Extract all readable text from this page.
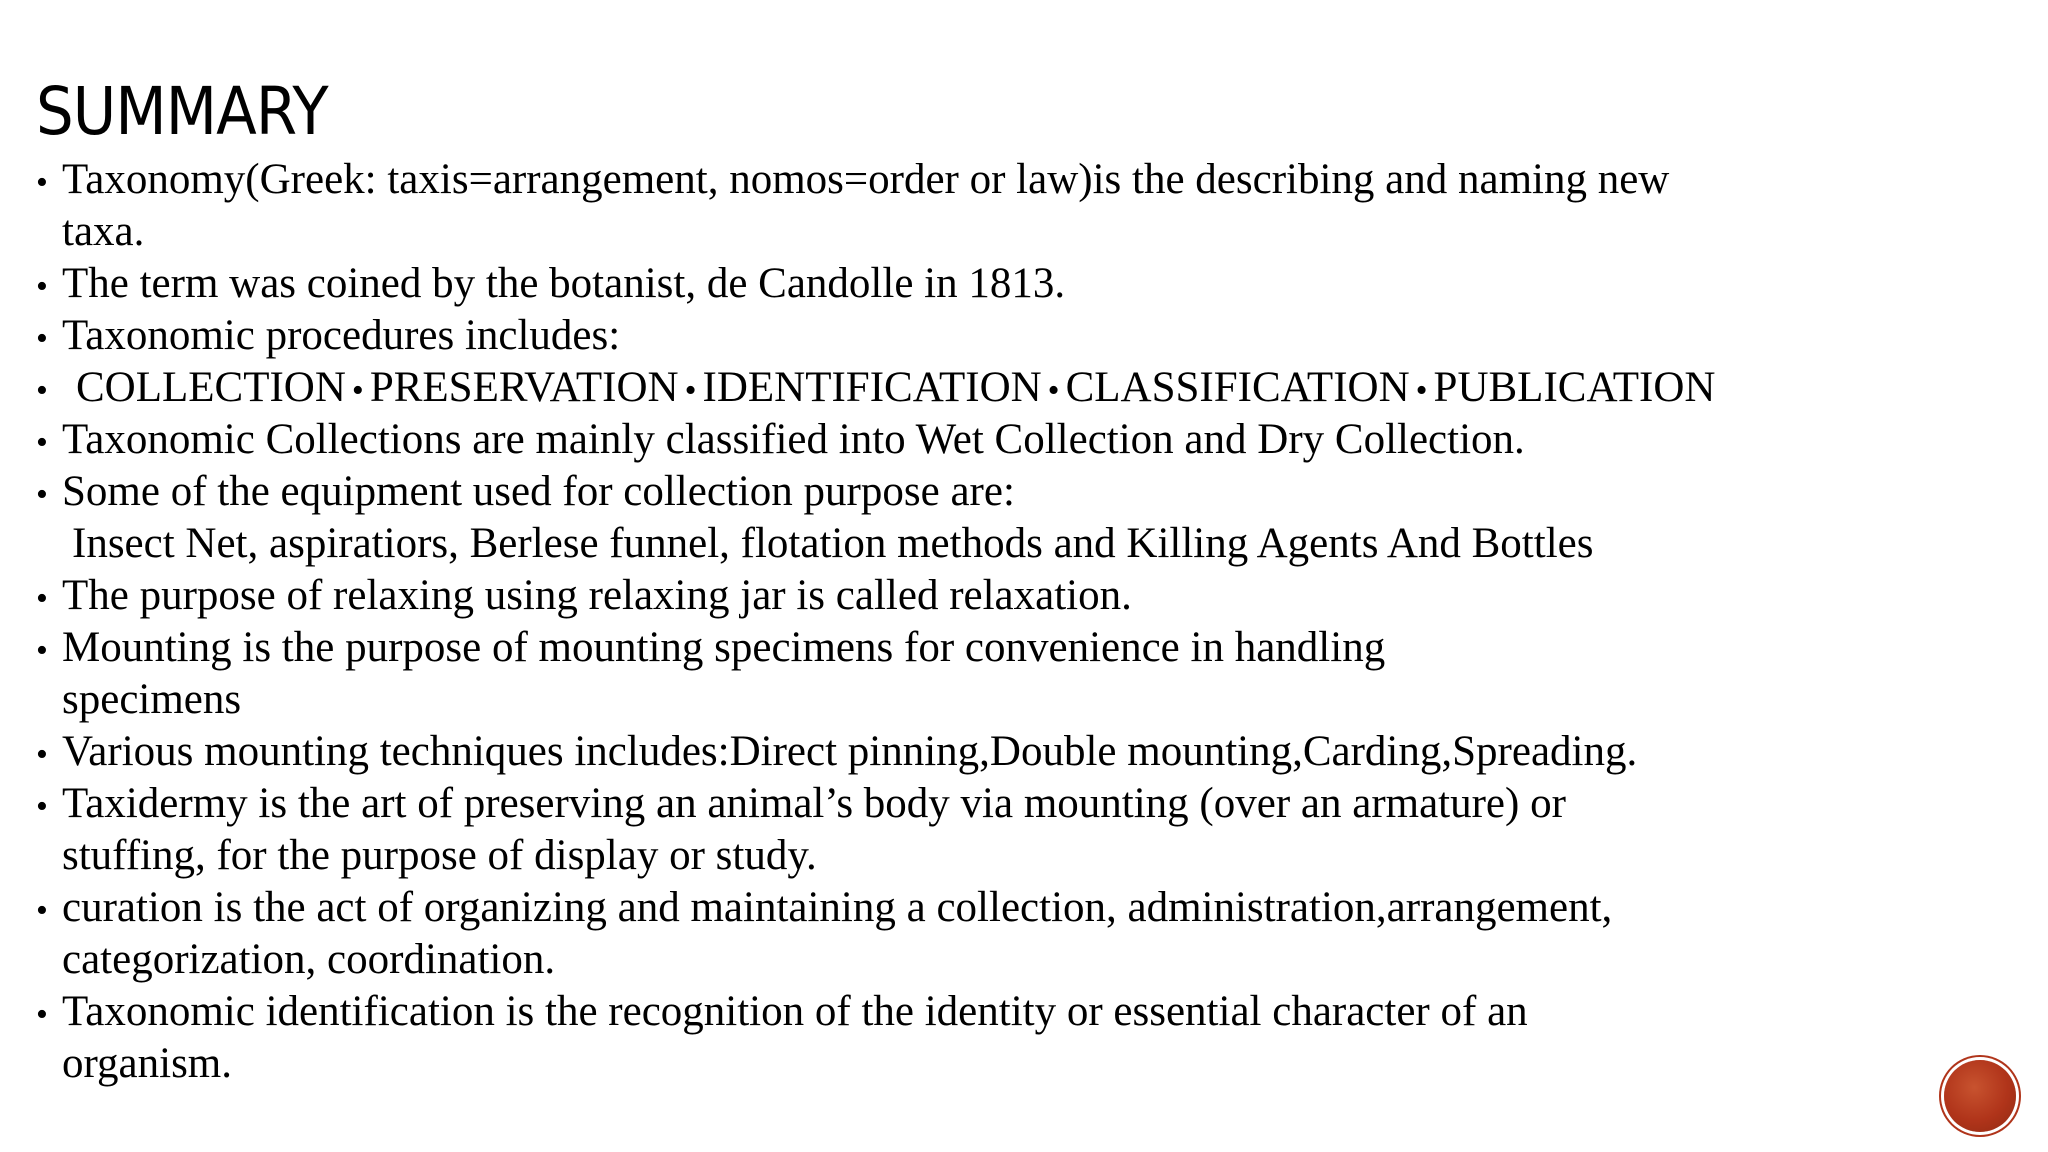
SUMMARY
• Taxonomy(Greek: taxis=arrangement, nomos=order or law)is the describing and naming new
taxa.
• The term was coined by the botanist, de Candolle in 1813.
• Taxonomic procedures includes:
• COLLECTION • PRESERVATION • IDENTIFICATION • CLASSIFICATION • PUBLICATION
• Taxonomic Collections are mainly classified into Wet Collection and Dry Collection.
• Some of the equipment used for collection purpose are:
Insect Net, aspiratiors, Berlese funnel, flotation methods and Killing Agents And Bottles
• The purpose of relaxing using relaxing jar is called relaxation.
• Mounting is the purpose of mounting specimens for convenience in handling
specimens
• Various mounting techniques includes:Direct pinning,Double mounting,Carding,Spreading.
• Taxidermy is the art of preserving an animal’s body via mounting (over an armature) or
stuffing, for the purpose of display or study.
• curation is the act of organizing and maintaining a collection, administration,arrangement,
categorization, coordination.
• Taxonomic identification is the recognition of the identity or essential character of an
organism.
